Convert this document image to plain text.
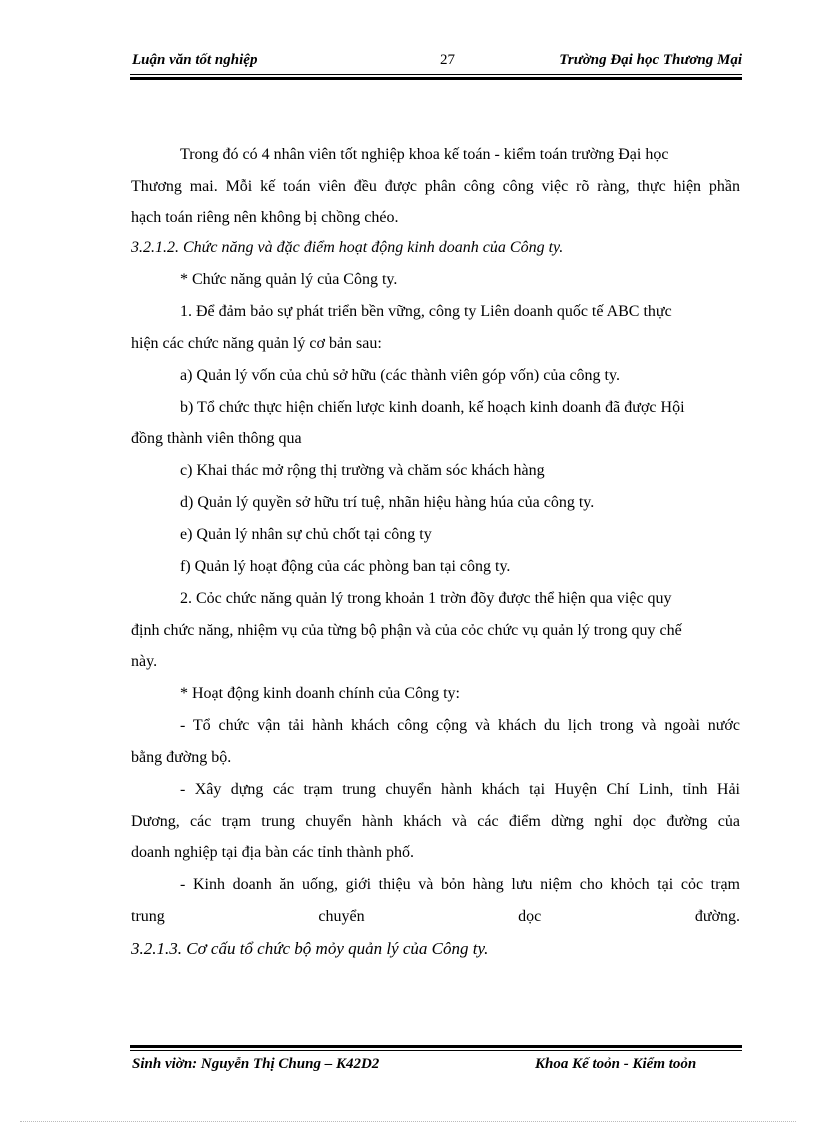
Luận văn tốt nghiệp	27	Trường Đại học Thương Mại
Trong đó có 4 nhân viên tốt nghiệp khoa kế toán - kiểm toán trường Đại học
Thương mai. Mỗi kế toán viên đều được phân công công việc rõ ràng, thực hiện phần
hạch toán riêng nên không bị chồng chéo.
3.2.1.2. Chức năng và đặc điểm hoạt động kinh doanh của Công ty.
* Chức năng quản lý của Công ty.
1. Để đảm bảo sự phát triển bền vững, công ty Liên doanh quốc tế ABC thực
hiện các chức năng quản lý cơ bản sau:
a) Quản lý vốn của chủ sở hữu (các thành viên góp vốn) của công ty.
b) Tổ chức thực hiện chiến lược kinh doanh, kế hoạch kinh doanh đã được Hội
đồng thành viên thông qua
c) Khai thác mở rộng thị trường và chăm sóc khách hàng
d) Quản lý quyền sở hữu trí tuệ, nhãn hiệu hàng húa của công ty.
e) Quản lý nhân sự chủ chốt tại công ty
f) Quản lý hoạt động của các phòng ban tại công ty.
2. Cỏc chức năng quản lý trong khoản 1 trờn đõy được thể hiện qua việc quy
định chức năng, nhiệm vụ của từng bộ phận và của cỏc chức vụ quản lý trong quy chế
này.
* Hoạt động kinh doanh chính của Công ty:
- Tổ chức vận tải hành khách công cộng và khách du lịch trong và ngoài nước
bằng đường bộ.
- Xây dựng các trạm trung chuyển hành khách tại Huyện Chí Linh, tỉnh Hải
Dương, các trạm trung chuyển hành khách và các điểm dừng nghỉ dọc đường của
doanh nghiệp tại địa bàn các tỉnh thành phố.
- Kinh doanh ăn uống, giới thiệu và bỏn hàng lưu niệm cho khỏch tại cỏc trạm
trung chuyển dọc đường.
3.2.1.3. Cơ cấu tổ chức bộ mỏy quản lý của Công ty.
Sinh viờn: Nguyễn Thị Chung – K42D2	Khoa Kế toỏn - Kiểm toỏn
